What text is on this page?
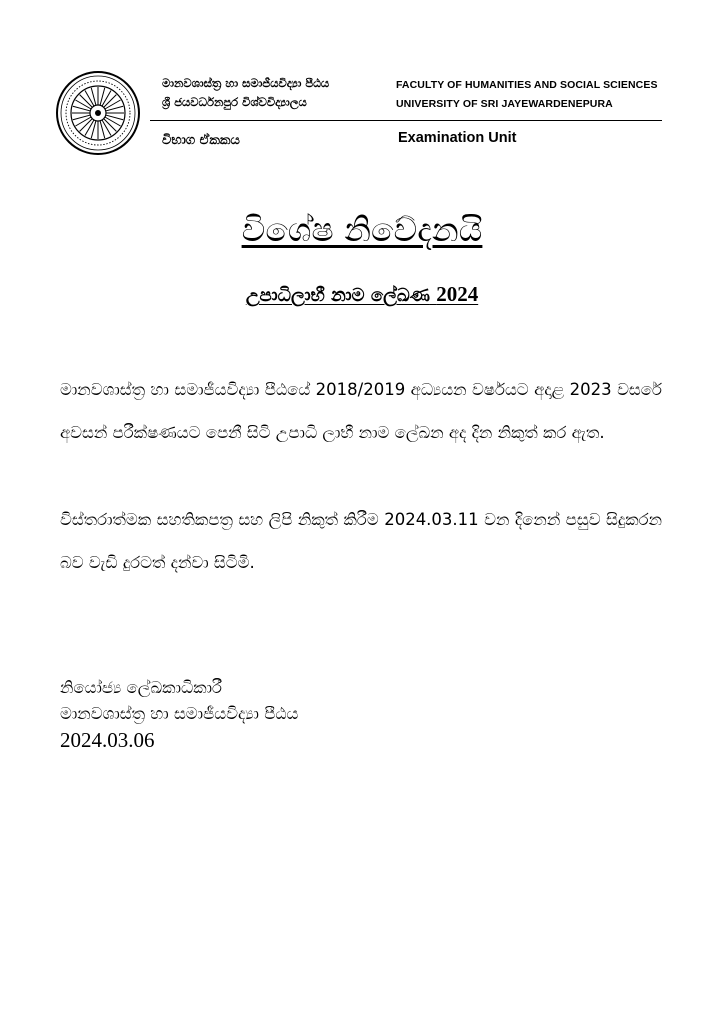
මානවශාස්ත්‍ර හා සමාජීයවිද්‍යා පීඨය
ශ්‍රී ජයවර්ධනපුර විශ්වවිද්‍යාලය
FACULTY OF HUMANITIES AND SOCIAL SCIENCES
UNIVERSITY OF SRI JAYEWARDENEPURA
විභාග ඒකකය	Examination Unit
විශේෂ නිවේදනයි
උපාධිලාභී නාම ලේඛණ 2024
මානවශාස්ත්‍ර හා සමාජීයවිද්‍යා පීඨයේ 2018/2019 අධ්‍යයන වර්ෂයට අදාළ 2023 වසරේ අවසන් පරීක්ෂණයට පෙනී සිටි උපාධි ලාභී නාම ලේඛන අද දින නිකුත් කර ඇත.
විස්තරාත්මක සහතිකපත්‍ර සහ ලිපි නිකුත් කිරීම 2024.03.11 වන දිනෙන් පසුව සිදුකරන බව වැඩි දුරටත් දන්වා සිටිමි.
නියෝජ්‍ය ලේඛකාධිකාරී
මානවශාස්ත්‍ර හා සමාජීයවිද්‍යා පීඨය
2024.03.06
